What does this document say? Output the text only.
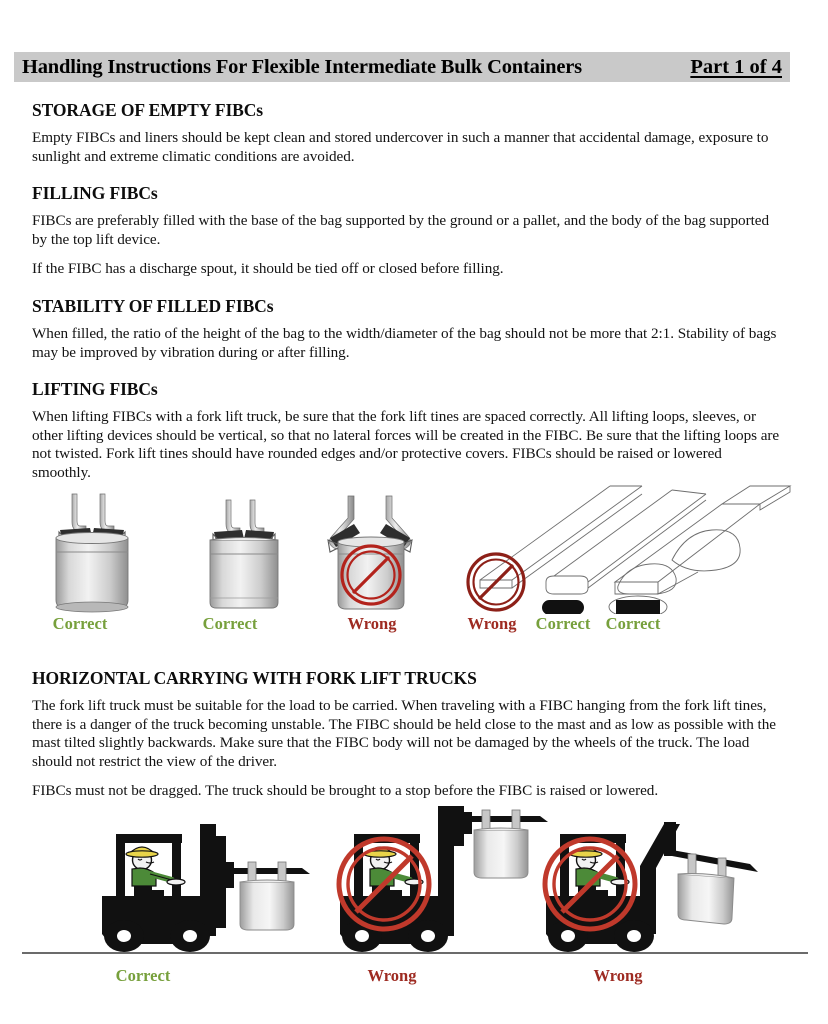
Handling Instructions For Flexible Intermediate Bulk Containers	Part 1 of 4
STORAGE OF EMPTY FIBCs

Empty FIBCs and liners should be kept clean and stored undercover in such a manner that accidental damage, exposure to sunlight and extreme climatic conditions are avoided.

FILLING FIBCs

FIBCs are preferably filled with the base of the bag supported by the ground or a pallet, and the body of the bag supported by the top lift device.

If the FIBC has a discharge spout, it should be tied off or closed before filling.

STABILITY OF FILLED FIBCs

When filled, the ratio of the height of the bag to the width/diameter of the bag should not be more that 2:1. Stability of bags may be improved by vibration during or after filling.

LIFTING FIBCs

When lifting FIBCs with a fork lift truck, be sure that the fork lift tines are spaced correctly. All lifting loops, sleeves, or other lifting devices should be vertical, so that no lateral forces will be created in the FIBC. Be sure that the lifting loops are not twisted. Fork lift tines should have rounded edges and/or protective covers. FIBCs should be raised or lowered smoothly.

Correct	Correct	Wrong	Wrong	Correct Correct
HORIZONTAL CARRYING WITH FORK LIFT TRUCKS

The fork lift truck must be suitable for the load to be carried. When traveling with a FIBC hanging from the fork lift tines, there is a danger of the truck becoming unstable. The FIBC should be held close to the mast and as low as possible with the mast tilted slightly backwards. Make sure that the FIBC body will not be damaged by the wheels of the truck. The load should not restrict the view of the driver.

FIBCs must not be dragged. The truck should be brought to a stop before the FIBC is raised or lowered.

Correct	Wrong	Wrong
